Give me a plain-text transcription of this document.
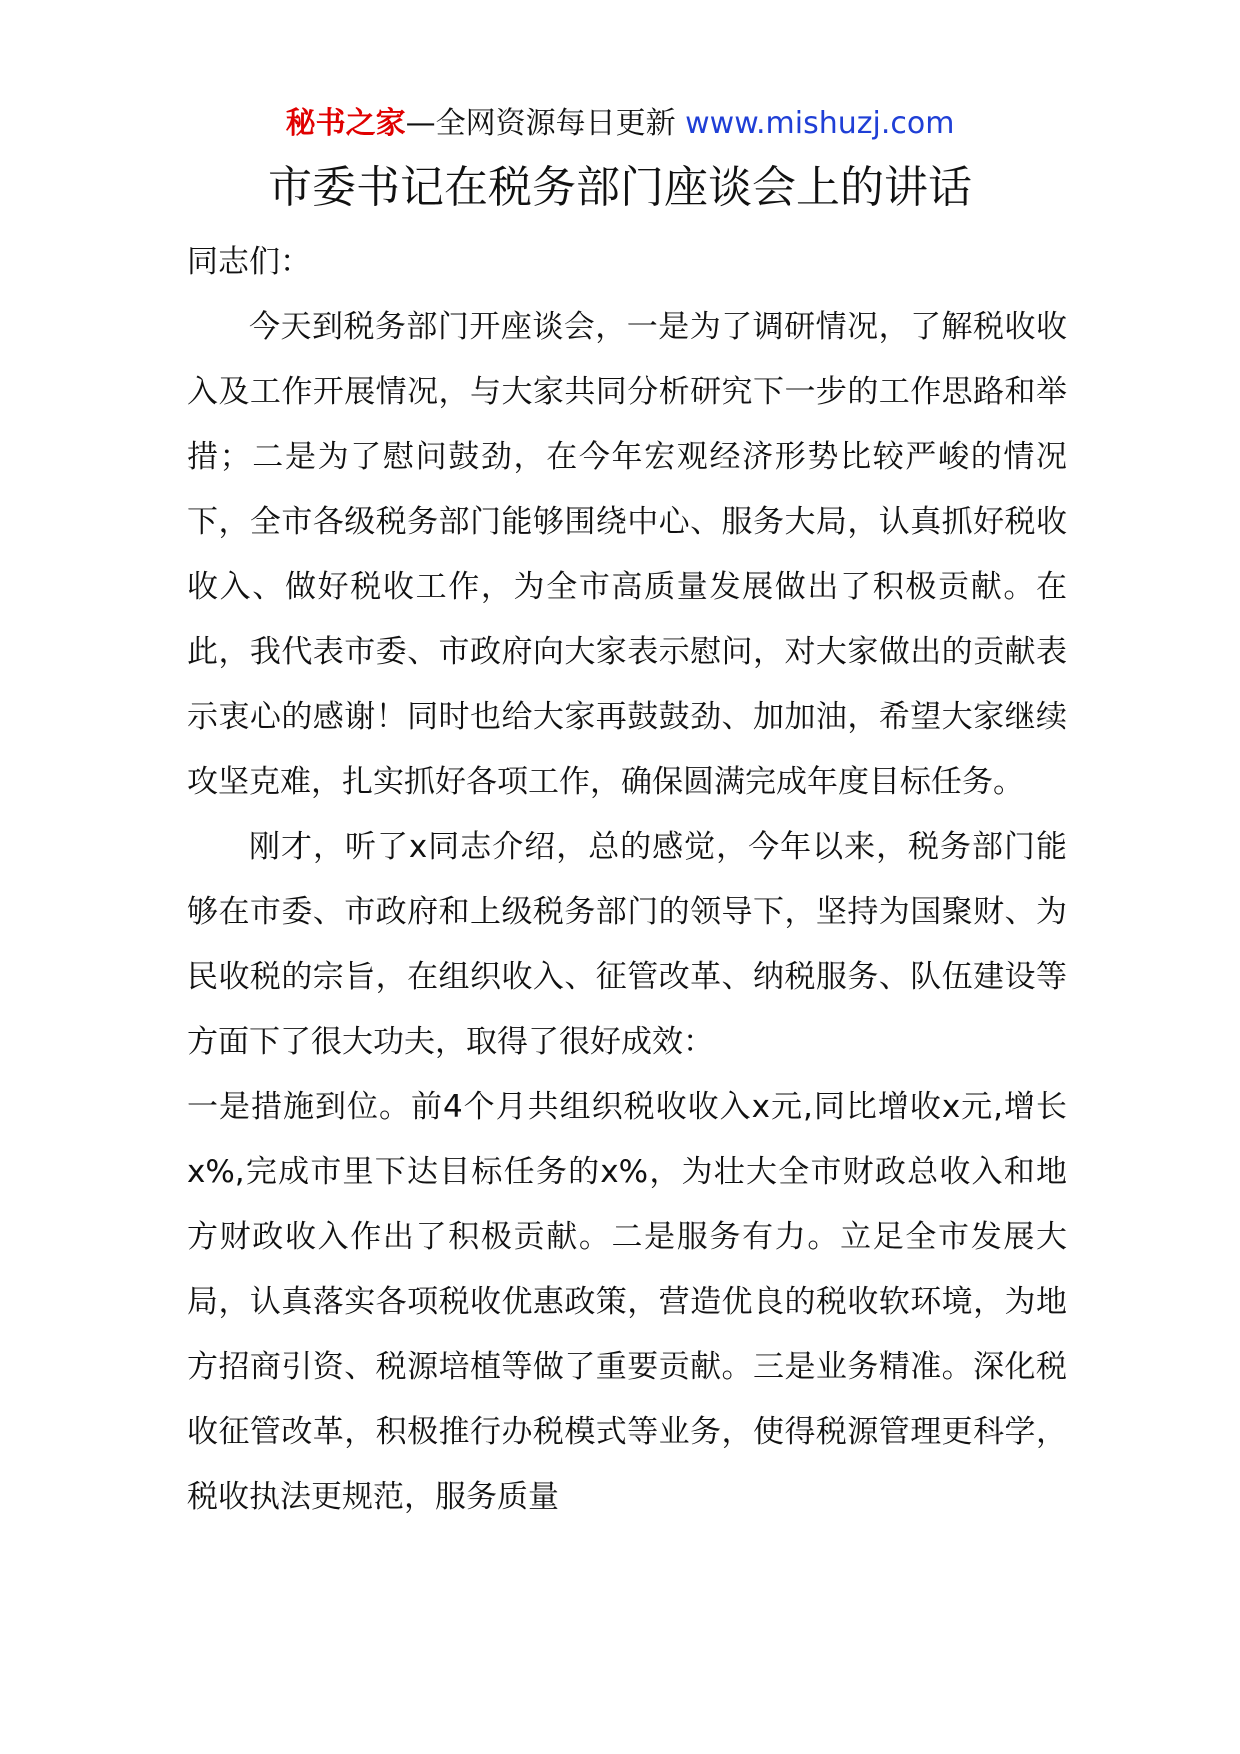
秘书之家—全网资源每日更新 www.mishuzj.com
市委书记在税务部门座谈会上的讲话

同志们：

今天到税务部门开座谈会，一是为了调研情况，了解税收收入及工作开展情况，与大家共同分析研究下一步的工作思路和举措；二是为了慰问鼓劲，在今年宏观经济形势比较严峻的情况下，全市各级税务部门能够围绕中心、服务大局，认真抓好税收收入、做好税收工作，为全市高质量发展做出了积极贡献。在此，我代表市委、市政府向大家表示慰问，对大家做出的贡献表示衷心的感谢！同时也给大家再鼓鼓劲、加加油，希望大家继续攻坚克难，扎实抓好各项工作，确保圆满完成年度目标任务。

刚才，听了x同志介绍，总的感觉，今年以来，税务部门能够在市委、市政府和上级税务部门的领导下，坚持为国聚财、为民收税的宗旨，在组织收入、征管改革、纳税服务、队伍建设等方面下了很大功夫，取得了很好成效：

一是措施到位。前4个月共组织税收收入x元,同比增收x元,增长x%,完成市里下达目标任务的x%，为壮大全市财政总收入和地方财政收入作出了积极贡献。二是服务有力。立足全市发展大局，认真落实各项税收优惠政策，营造优良的税收软环境，为地方招商引资、税源培植等做了重要贡献。三是业务精准。深化税收征管改革，积极推行办税模式等业务，使得税源管理更科学，税收执法更规范，服务质量
